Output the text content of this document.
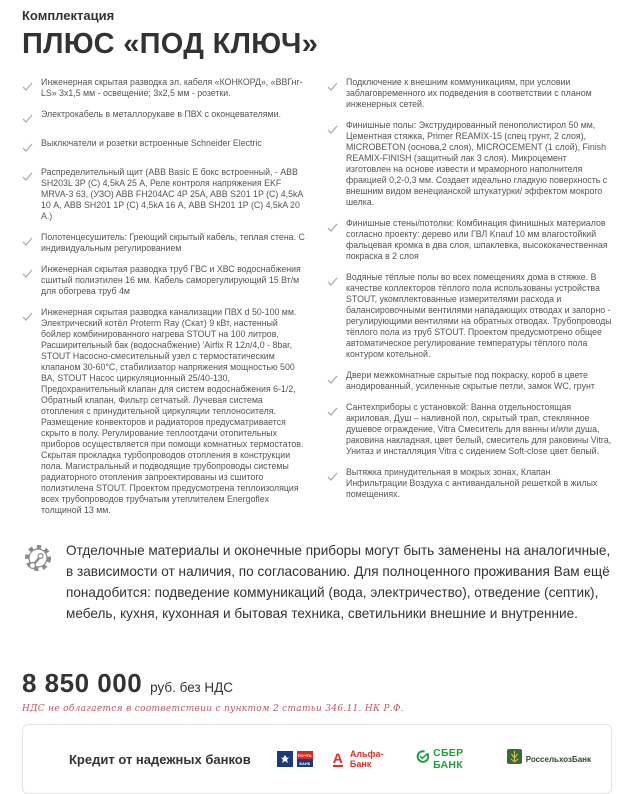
Комплектация
ПЛЮС «ПОД КЛЮЧ»
Инженерная скрытая разводка эл. кабеля «КОНКОРД», «ВВГнг-LS» 3х1,5 мм - освещение; 3х2,5 мм - розетки.
Электрокабель в металлорукаве в ПВХ с оконцевателями.
Выключатели и розетки встроенные Schneider Electric
Распределительный щит (ABB Basic E бокс встроенный, - ABB SH203L 3P (C) 4,5kA 25 А, Реле контроля напряжения EKF MRVA-3 63, (УЗО) ABB FH204AC 4P 25A, ABB S201 1P (C) 4,5kA 10 А, ABB SH201 1P (C) 4,5kA 16 А, ABB SH201 1P (C) 4,5kA 20 А.)
Полотенцесушитель: Греющий скрытый кабель, теплая стена. С индивидуальным регулированием
Инженерная скрытая разводка труб ГВС и ХВС водоснабжения сшитый полиэтилен 16 мм. Кабель саморегулирующий 15 Вт/м для обогрева труб 4м
Инженерная скрытая разводка канализации ПВХ d 50-100 мм. Электрический котёл Proterm Ray (Скат) 9 кВт, настенный бойлер комбинированного нагрева STOUT на 100 литров, Расширительный бак (водоснабжение) 'Airfix R 12л/4,0 - 8bar, STOUT Насосно-смесительный узел с термостатическим клапаном 30-60°С, стабилизатор напряжения мощностью 500 ВА, STOUT Насос циркуляционный 25/40-130, Предохранительный клапан для систем водоснабжения 6-1/2, Обратный клапан, Фильтр сетчатый. Лучевая система отопления с принудительной циркуляции теплоносителя. Размещение конвекторов и радиаторов предусматривается скрыто в полу. Регулирование теплоотдачи отопительных приборов осуществляется при помощи комнатных термостатов. Скрытая прокладка турбопроводов отопления в конструкции пола. Магистральный и подводящие трубопроводы системы радиаторного отопления запроектированы из сшитого полиэтилена STOUT. Проектом предусмотрена теплоизоляция всех трубопроводов трубчатым утеплителем Energoflex толщиной 13 мм.
Подключение к внешним коммуникациям, при условии заблаговременного их подведения в соответствии с планом инженерных сетей.
Финишные полы: Экструдированный пенополистирол 50 мм, Цементная стяжка, Primer REAMIX-15 (спец грунт, 2 слоя), MICROBETON (основа,2 слоя), MICROCEMENT (1 слой), Finish REAMIX-FINISH (защитный лак 3 слоя). Микроцемент изготовлен на основе извести и мраморного наполнителя фракцией 0,2-0,3 мм. Создает идеально гладкую поверхность с внешним видом венецианской штукатурки/ эффектом мокрого шелка.
Финишные стены/потолки: Комбинация финишных материалов согласно проекту: дерево или ГВЛ Knauf 10 мм влагостойкий фальцевая кромка в два слоя, шпаклевка, высококачественная покраска в 2 слоя
Водяные тёплые полы во всех помещениях дома в стяжке. В качестве коллекторов тёплого пола использованы устройства STOUT, укомплектованные измерителями расхода и балансировочными вентилями нападающих отводах и запорно - регулирующими вентилями на обратных отводах. Трубопроводы тёплого пола из труб STOUT. Проектом предусмотрено общее автоматическое регулирование температуры тёплого пола контуром котельной.
Двери межкомнатные скрытые под покраску, короб в цвете анодированный, усиленные скрытые петли, замок WC, грунт
Сантехприборы с установкой: Ванна отдельностоящая акриловая, Душ – наливной пол, скрытый трап, стеклянное душевое ограждение, Vitra Смеситель для ванны и/или душа, раковина накладная, цвет белый, смеситель для раковины Vitra, Унитаз и инсталляция Vitra с сидением Soft-close цвет белый.
Вытяжка принудительная в мокрых зонах, Клапан Инфильтрации Воздуха с антивандальной решеткой в жилых помещениях.
Отделочные материалы и оконечные приборы могут быть заменены на аналогичные, в зависимости от наличия, по согласованию. Для полноценного проживания Вам ещё понадобится: подведение коммуникаций (вода, электричество), отведение (септик), мебель, кухня, кухонная и бытовая техника, светильники внешние и внутренние.
8 850 000 руб. без НДС
НДС не облагается в соответствии с пунктом 2 статьи 346.11. НК Р.Ф.
Кредит от надежных банков	ПОЧТА
БАНК А Альфа-Банк
СБЕР БАНК	РоссельхозБанк
